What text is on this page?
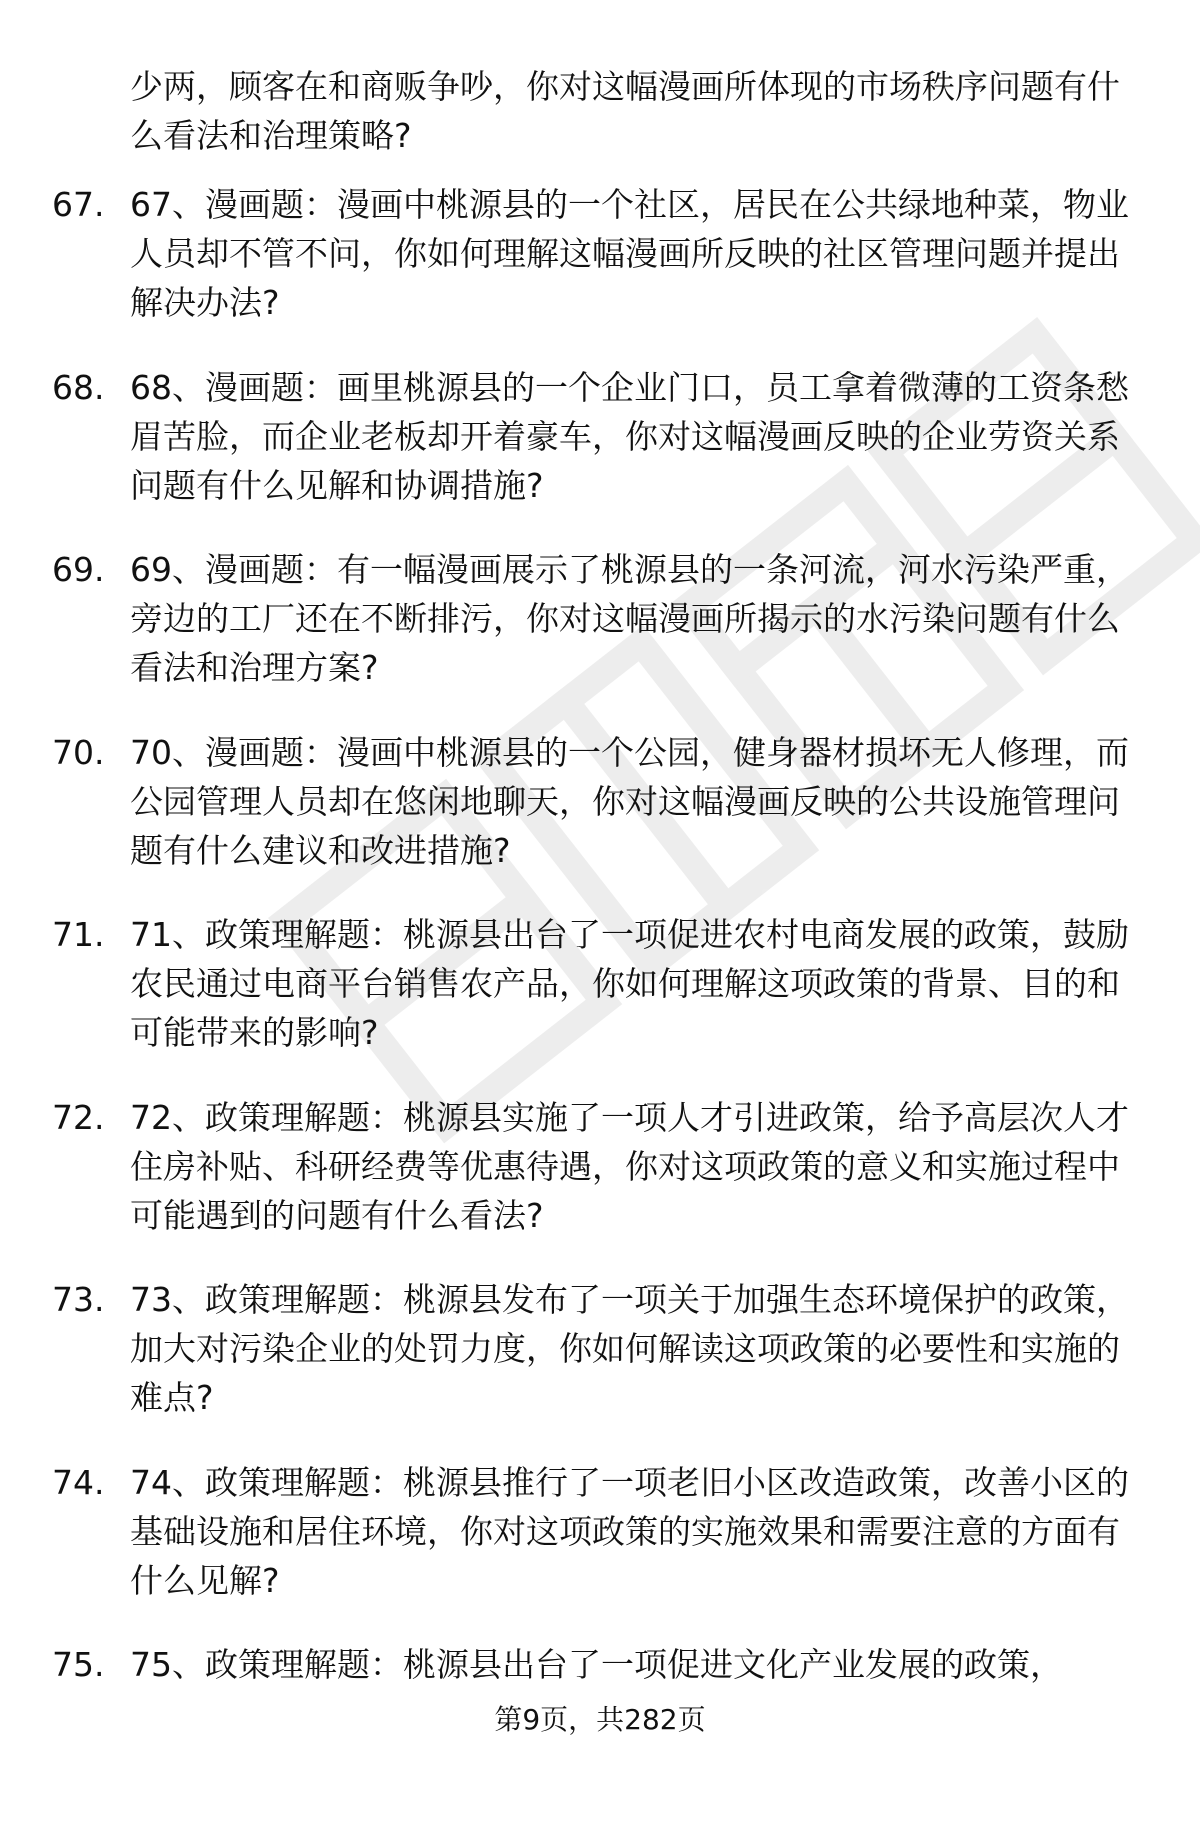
少两，顾客在和商贩争吵，你对这幅漫画所体现的市场秩序问题有什么看法和治理策略?
67. 67、漫画题：漫画中桃源县的一个社区，居民在公共绿地种菜，物业人员却不管不问，你如何理解这幅漫画所反映的社区管理问题并提出解决办法?
68. 68、漫画题：画里桃源县的一个企业门口，员工拿着微薄的工资条愁眉苦脸，而企业老板却开着豪车，你对这幅漫画反映的企业劳资关系问题有什么见解和协调措施?
69. 69、漫画题：有一幅漫画展示了桃源县的一条河流，河水污染严重，旁边的工厂还在不断排污，你对这幅漫画所揭示的水污染问题有什么看法和治理方案?
70. 70、漫画题：漫画中桃源县的一个公园，健身器材损坏无人修理，而公园管理人员却在悠闲地聊天，你对这幅漫画反映的公共设施管理问题有什么建议和改进措施?
71. 71、政策理解题：桃源县出台了一项促进农村电商发展的政策，鼓励农民通过电商平台销售农产品，你如何理解这项政策的背景、目的和可能带来的影响?
72. 72、政策理解题：桃源县实施了一项人才引进政策，给予高层次人才住房补贴、科研经费等优惠待遇，你对这项政策的意义和实施过程中可能遇到的问题有什么看法?
73. 73、政策理解题：桃源县发布了一项关于加强生态环境保护的政策，加大对污染企业的处罚力度，你如何解读这项政策的必要性和实施的难点?
74. 74、政策理解题：桃源县推行了一项老旧小区改造政策，改善小区的基础设施和居住环境，你对这项政策的实施效果和需要注意的方面有什么见解?
75. 75、政策理解题：桃源县出台了一项促进文化产业发展的政策，
第9页，共282页
